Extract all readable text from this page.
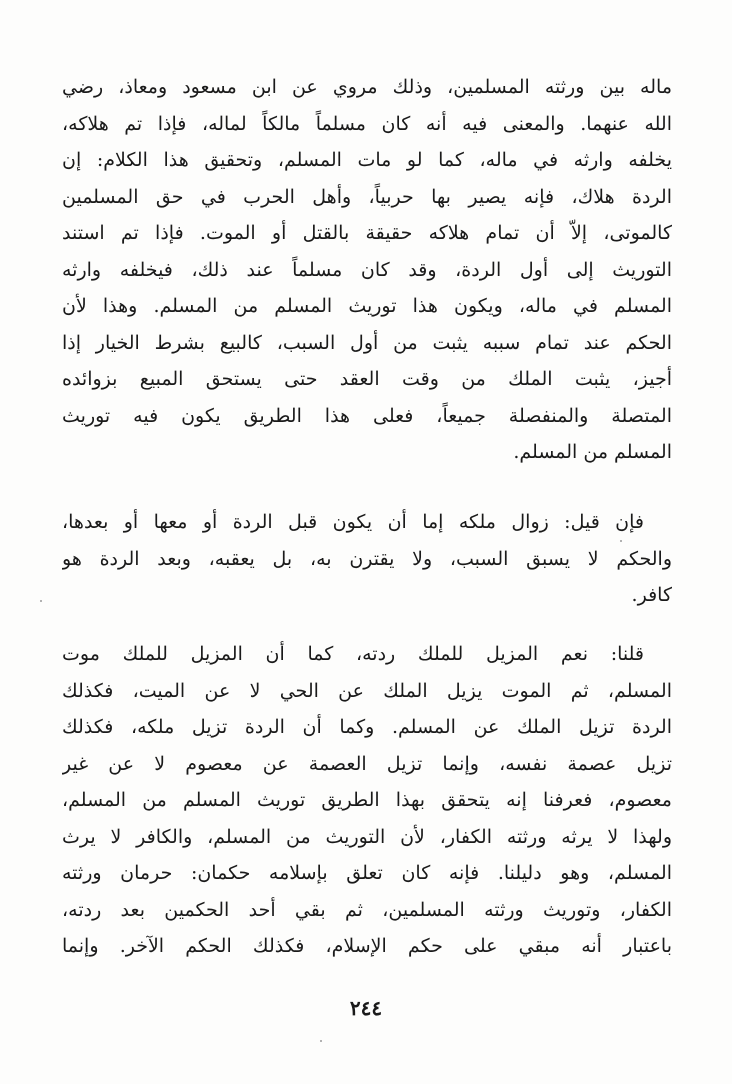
ماله بين ورثته المسلمين، وذلك مروي عن ابن مسعود ومعاذ، رضي
الله عنهما. والمعنى فيه أنه كان مسلماً مالكاً لماله، فإذا تم هلاكه،
يخلفه وارثه في ماله، كما لو مات المسلم، وتحقيق هذا الكلام: إن
الردة هلاك، فإنه يصير بها حربياً، وأهل الحرب في حق المسلمين
كالموتى، إلاّ أن تمام هلاكه حقيقة بالقتل أو الموت. فإذا تم استند
التوريث إلى أول الردة، وقد كان مسلماً عند ذلك، فيخلفه وارثه
المسلم في ماله، ويكون هذا توريث المسلم من المسلم. وهذا لأن
الحكم عند تمام سببه يثبت من أول السبب، كالبيع بشرط الخيار إذا
أجيز، يثبت الملك من وقت العقد حتى يستحق المبيع بزوائده
المتصلة والمنفصلة جميعاً، فعلى هذا الطريق يكون فيه توريث
المسلم من المسلم.
فإن قيل: زوال ملكه إما أن يكون قبل الردة أو معها أو بعدها،
والحكم لا يسبق السبب، ولا يقترن به، بل يعقبه، وبعد الردة هو
كافر.
قلنا: نعم المزيل للملك ردته، كما أن المزيل للملك موت
المسلم، ثم الموت يزيل الملك عن الحي لا عن الميت، فكذلك
الردة تزيل الملك عن المسلم. وكما أن الردة تزيل ملكه، فكذلك
تزيل عصمة نفسه، وإنما تزيل العصمة عن معصوم لا عن غير
معصوم، فعرفنا إنه يتحقق بهذا الطريق توريث المسلم من المسلم،
ولهذا لا يرثه ورثته الكفار، لأن التوريث من المسلم، والكافر لا يرث
المسلم، وهو دليلنا. فإنه كان تعلق بإسلامه حكمان: حرمان ورثته
الكفار، وتوريث ورثته المسلمين، ثم بقي أحد الحكمين بعد ردته،
باعتبار أنه مبقي على حكم الإسلام، فكذلك الحكم الآخر. وإنما
٢٤٤
